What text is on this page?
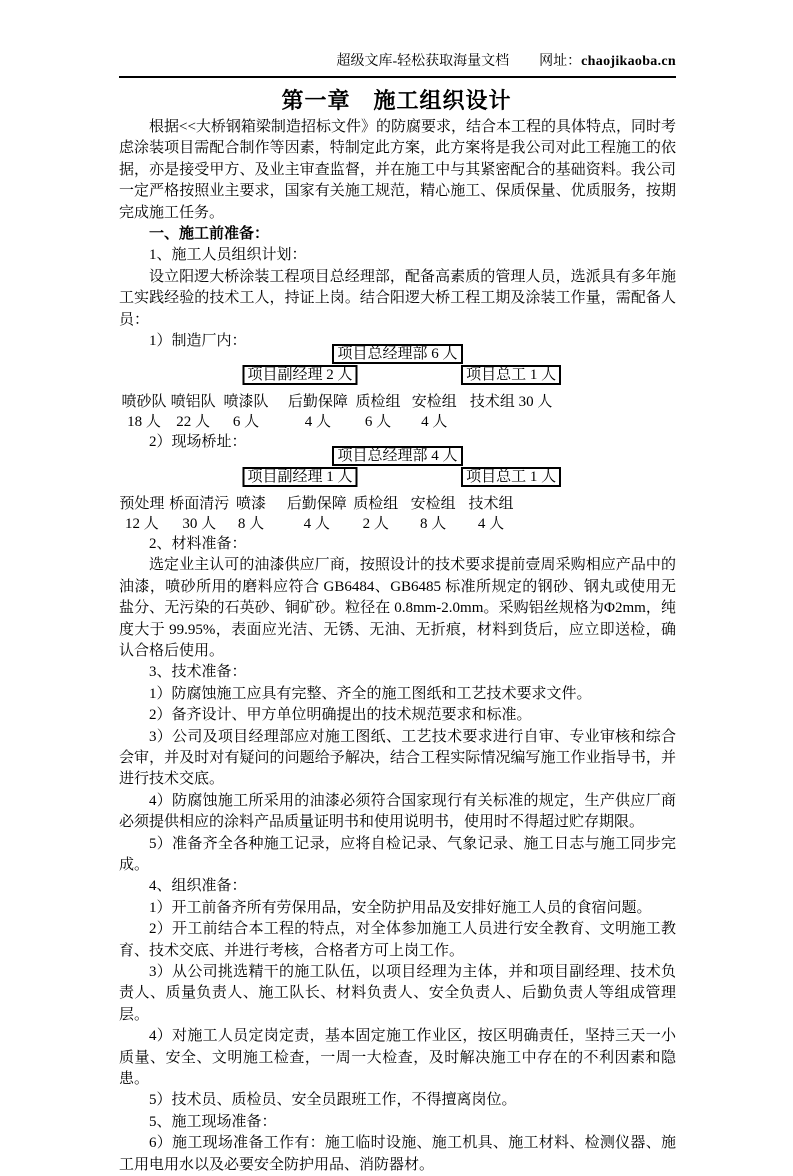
超级文库-轻松获取海量文档 网址：chaojikaoba.cn
第一章　施工组织设计

根据<<大桥钢箱梁制造招标文件》的防腐要求，结合本工程的具体特点，同时考虑涂装项目需配合制作等因素，特制定此方案，此方案将是我公司对此工程施工的依据，亦是接受甲方、及业主审查监督，并在施工中与其紧密配合的基础资料。我公司一定严格按照业主要求，国家有关施工规范，精心施工、保质保量、优质服务，按期完成施工任务。

一、施工前准备：

1、施工人员组织计划：

设立阳逻大桥涂装工程项目总经理部，配备高素质的管理人员，选派具有多年施工实践经验的技术工人，持证上岗。结合阳逻大桥工程工期及涂装工作量，需配备人员：

1）制造厂内：

项目总经理部 6 人
项目副经理 2 人	项目总工 1 人
喷砂队
18 人
喷铝队
22 人
喷漆队
6 人
后勤保障
4 人
质检组
6 人
安检组
4 人
技术组 30 人

2）现场桥址：

项目总经理部 4 人
项目副经理 1 人	项目总工 1 人
预处理
12 人
桥面清污
30 人
喷漆
8 人
后勤保障
4 人
质检组
2 人
安检组
8 人
技术组
4 人

2、材料准备：

选定业主认可的油漆供应厂商，按照设计的技术要求提前壹周采购相应产品中的油漆，喷砂所用的磨料应符合 GB6484、GB6485 标准所规定的钢砂、钢丸或使用无盐分、无污染的石英砂、铜矿砂。粒径在 0.8mm-2.0mm。采购铝丝规格为Φ2mm，纯度大于 99.95%，表面应光洁、无锈、无油、无折痕，材料到货后，应立即送检，确认合格后使用。

3、技术准备：

1）防腐蚀施工应具有完整、齐全的施工图纸和工艺技术要求文件。

2）备齐设计、甲方单位明确提出的技术规范要求和标准。

3）公司及项目经理部应对施工图纸、工艺技术要求进行自审、专业审核和综合会审，并及时对有疑问的问题给予解决，结合工程实际情况编写施工作业指导书，并进行技术交底。

4）防腐蚀施工所采用的油漆必须符合国家现行有关标准的规定，生产供应厂商必须提供相应的涂料产品质量证明书和使用说明书，使用时不得超过贮存期限。

5）准备齐全各种施工记录，应将自检记录、气象记录、施工日志与施工同步完成。

4、组织准备：

1）开工前备齐所有劳保用品，安全防护用品及安排好施工人员的食宿问题。

2）开工前结合本工程的特点，对全体参加施工人员进行安全教育、文明施工教育、技术交底、并进行考核，合格者方可上岗工作。

3）从公司挑选精干的施工队伍，以项目经理为主体，并和项目副经理、技术负责人、质量负责人、施工队长、材料负责人、安全负责人、后勤负责人等组成管理层。

4）对施工人员定岗定责，基本固定施工作业区，按区明确责任，坚持三天一小质量、安全、文明施工检查，一周一大检查，及时解决施工中存在的不利因素和隐患。

5）技术员、质检员、安全员跟班工作，不得擅离岗位。

5、施工现场准备：

6）施工现场准备工作有：施工临时设施、施工机具、施工材料、检测仪器、施工用电用水以及必要安全防护用品、消防器材。
